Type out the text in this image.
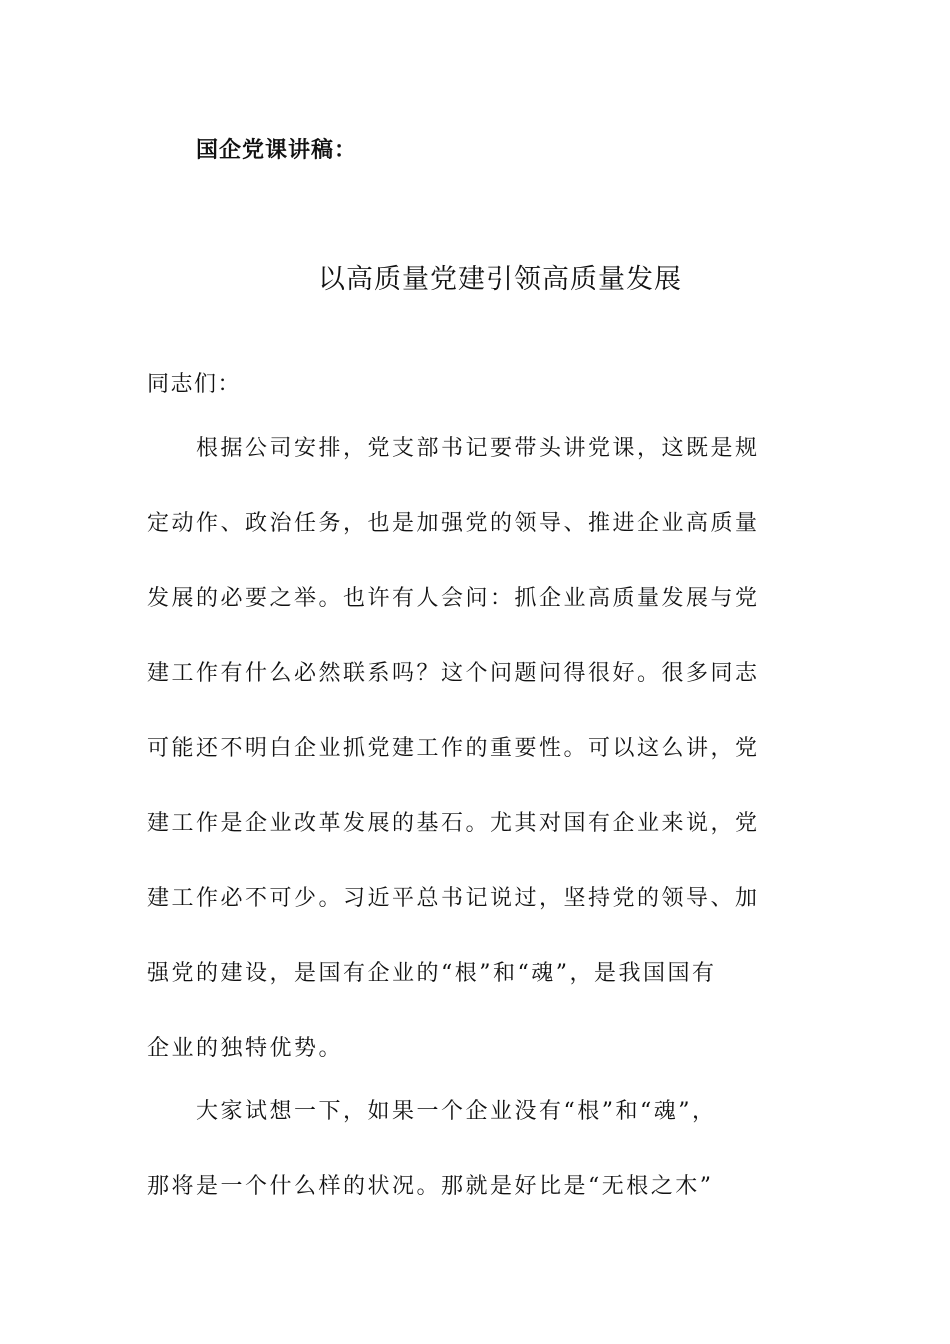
国企党课讲稿：
以高质量党建引领高质量发展
同志们：
根据公司安排，党支部书记要带头讲党课，这既是规
定动作、政治任务，也是加强党的领导、推进企业高质量
发展的必要之举。也许有人会问：抓企业高质量发展与党
建工作有什么必然联系吗？这个问题问得很好。很多同志
可能还不明白企业抓党建工作的重要性。可以这么讲，党
建工作是企业改革发展的基石。尤其对国有企业来说，党
建工作必不可少。习近平总书记说过，坚持党的领导、加
强党的建设，是国有企业的“根”和“魂”，是我国国有
企业的独特优势。
大家试想一下，如果一个企业没有“根”和“魂”，
那将是一个什么样的状况。那就是好比是“无根之木”
